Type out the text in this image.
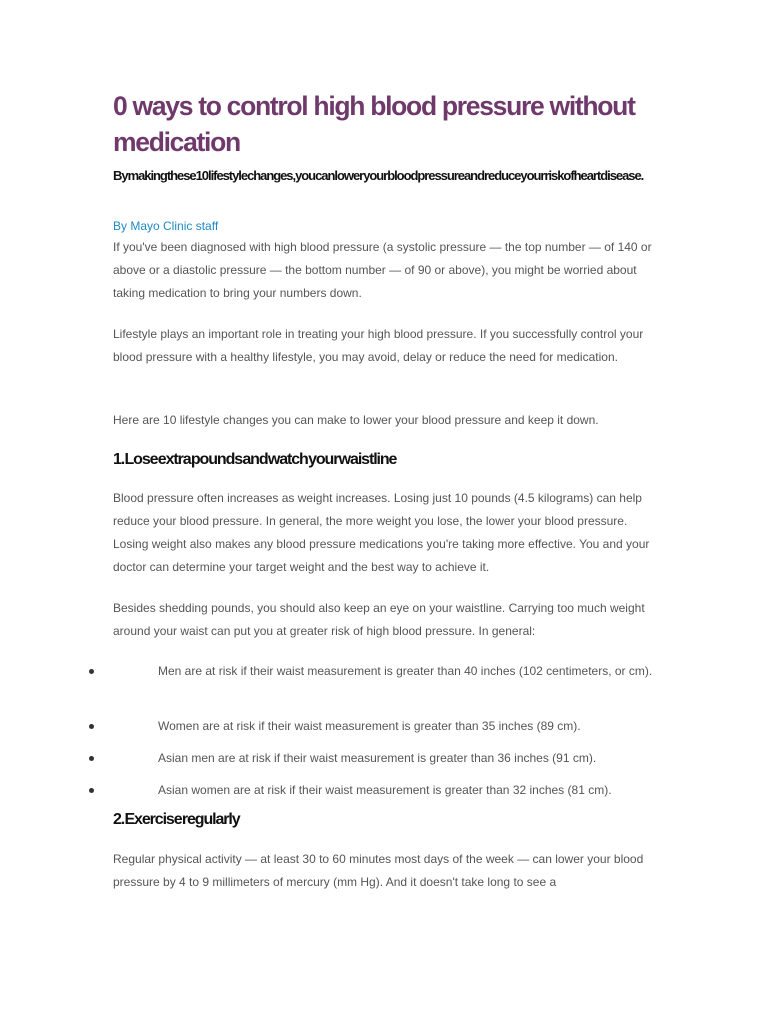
0 ways to control high blood pressure without medication

By making these 10 lifestyle changes, you can lower your blood pressure and reduce your risk of heart disease.

By Mayo Clinic staff

If you've been diagnosed with high blood pressure (a systolic pressure — the top number — of 140 or above or a diastolic pressure — the bottom number — of 90 or above), you might be worried about taking medication to bring your numbers down.

Lifestyle plays an important role in treating your high blood pressure. If you successfully control your blood pressure with a healthy lifestyle, you may avoid, delay or reduce the need for medication.

Here are 10 lifestyle changes you can make to lower your blood pressure and keep it down.

1. Lose extra pounds and watch your waistline

Blood pressure often increases as weight increases. Losing just 10 pounds (4.5 kilograms) can help reduce your blood pressure. In general, the more weight you lose, the lower your blood pressure. Losing weight also makes any blood pressure medications you're taking more effective. You and your doctor can determine your target weight and the best way to achieve it.

Besides shedding pounds, you should also keep an eye on your waistline. Carrying too much weight around your waist can put you at greater risk of high blood pressure. In general:

Men are at risk if their waist measurement is greater than 40 inches (102 centimeters, or cm).
Women are at risk if their waist measurement is greater than 35 inches (89 cm).
Asian men are at risk if their waist measurement is greater than 36 inches (91 cm).
Asian women are at risk if their waist measurement is greater than 32 inches (81 cm).
2. Exercise regularly

Regular physical activity — at least 30 to 60 minutes most days of the week — can lower your blood pressure by 4 to 9 millimeters of mercury (mm Hg). And it doesn't take long to see a
